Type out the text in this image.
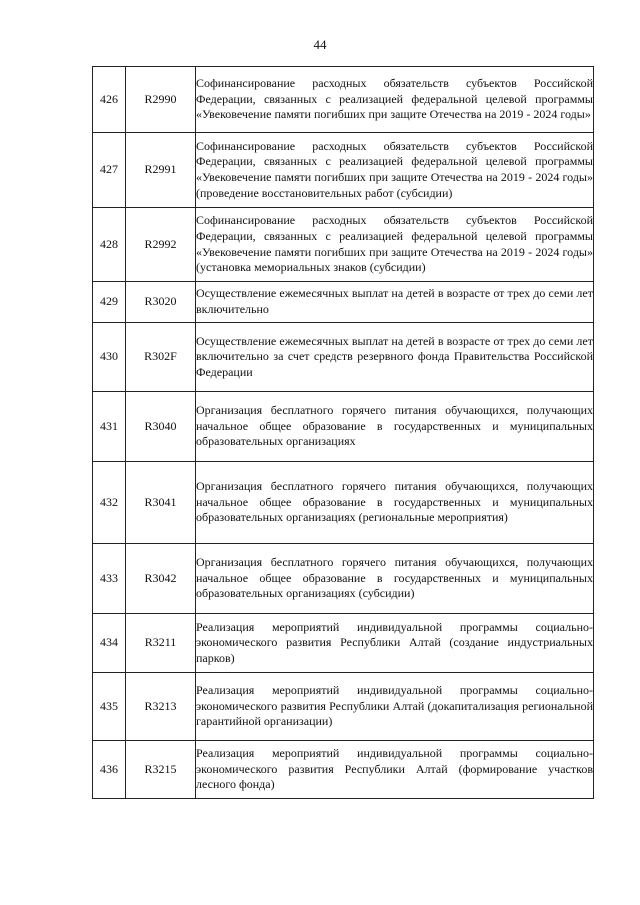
44
426	R2990	Софинансирование расходных обязательств субъектов Российской Федерации, связанных с реализацией федеральной целевой программы «Увековечение памяти погибших при защите Отечества на 2019 - 2024 годы»

427	R2991	Софинансирование расходных обязательств субъектов Российской Федерации, связанных с реализацией федеральной целевой программы «Увековечение памяти погибших при защите Отечества на 2019 - 2024 годы» (проведение восстановительных работ (субсидии)

428	R2992	Софинансирование расходных обязательств субъектов Российской Федерации, связанных с реализацией федеральной целевой программы «Увековечение памяти погибших при защите Отечества на 2019 - 2024 годы» (установка мемориальных знаков (субсидии)

429	R3020	Осуществление ежемесячных выплат на детей в возрасте от трех до семи лет включительно

430	R302F	Осуществление ежемесячных выплат на детей в возрасте от трех до семи лет включительно за счет средств резервного фонда Правительства Российской Федерации

431	R3040	Организация бесплатного горячего питания обучающихся, получающих начальное общее образование в государственных и муниципальных образовательных организациях

432	R3041	Организация бесплатного горячего питания обучающихся, получающих начальное общее образование в государственных и муниципальных образовательных организациях (региональные мероприятия)

433	R3042	Организация бесплатного горячего питания обучающихся, получающих начальное общее образование в государственных и муниципальных образовательных организациях (субсидии)

434	R3211	Реализация мероприятий индивидуальной программы социально-экономического развития Республики Алтай (создание индустриальных парков)

435	R3213	Реализация мероприятий индивидуальной программы социально-экономического развития Республики Алтай (докапитализация региональной гарантийной организации)

436	R3215	Реализация мероприятий индивидуальной программы социально-экономического развития Республики Алтай (формирование участков лесного фонда)
